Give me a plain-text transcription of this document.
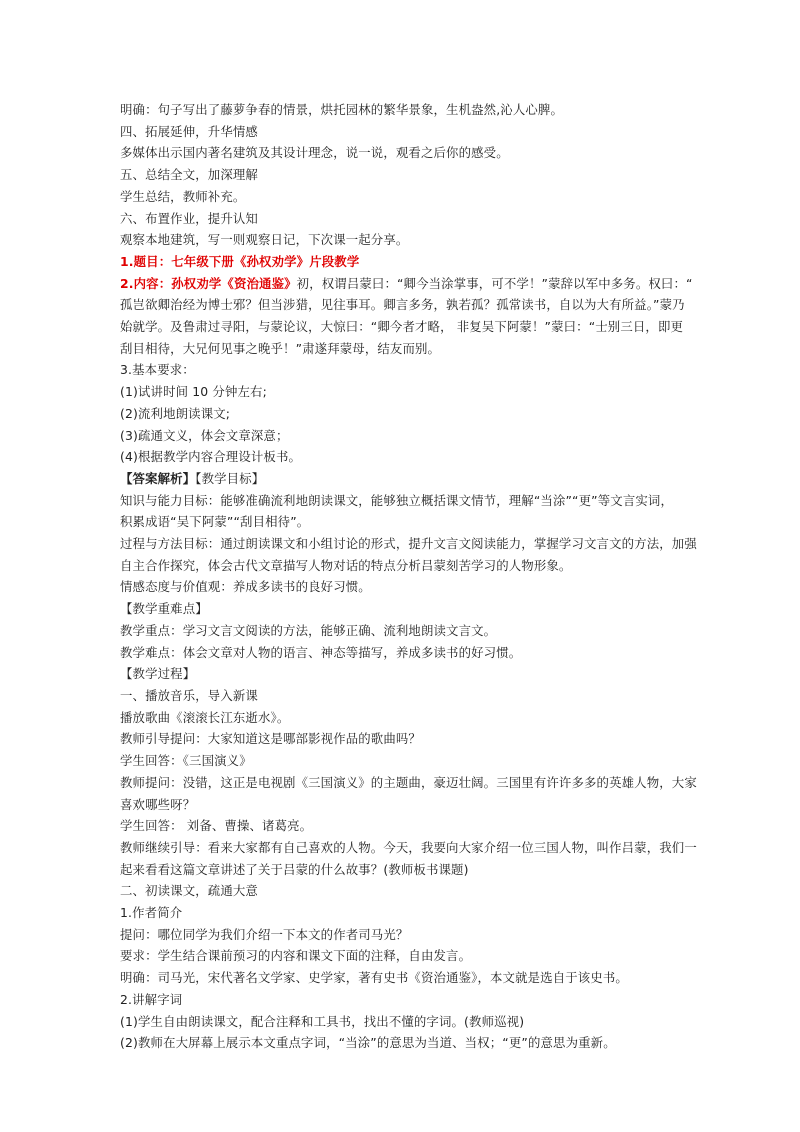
明确：句子写出了藤萝争春的情景，烘托园林的繁华景象，生机盎然,沁人心脾。
四、拓展延伸，升华情感
多媒体出示国内著名建筑及其设计理念，说一说，观看之后你的感受。
五、总结全文，加深理解
学生总结，教师补充。
六、布置作业，提升认知
观察本地建筑，写一则观察日记，下次课一起分享。
1.题目：七年级下册《孙权劝学》片段教学
2.内容：孙权劝学《资治通鉴》初，权谓吕蒙曰：“卿今当涂掌事，可不学！”蒙辞以军中多务。权曰：“
孤岂欲卿治经为博士邪？但当涉猎，见往事耳。卿言多务，孰若孤？孤常读书，自以为大有所益。”蒙乃
始就学。及鲁肃过寻阳，与蒙论议，大惊曰：“卿今者才略， 非复吴下阿蒙！”蒙曰：“士别三日，即更
刮目相待，大兄何见事之晚乎！”肃遂拜蒙母，结友而别。
3.基本要求：
(1)试讲时间 10 分钟左右;
(2)流利地朗读课文;
(3)疏通文义，体会文章深意；
(4)根据教学内容合理设计板书。
【答案解析】【教学目标】
知识与能力目标：能够准确流利地朗读课文，能够独立概括课文情节，理解“当涂”“更”等文言实词，
积累成语“吴下阿蒙”“刮目相待”。
过程与方法目标：通过朗读课文和小组讨论的形式，提升文言文阅读能力，掌握学习文言文的方法，加强
自主合作探究，体会古代文章描写人物对话的特点分析吕蒙刻苦学习的人物形象。
情感态度与价值观：养成多读书的良好习惯。
【教学重难点】
教学重点：学习文言文阅读的方法，能够正确、流利地朗读文言文。
教学难点：体会文章对人物的语言、神态等描写，养成多读书的好习惯。
【教学过程】
一、播放音乐，导入新课
播放歌曲《滚滚长江东逝水》。
教师引导提问：大家知道这是哪部影视作品的歌曲吗？
学生回答：《三国演义》
教师提问：没错，这正是电视剧《三国演义》的主题曲，豪迈壮阔。三国里有许许多多的英雄人物，大家
喜欢哪些呀？
学生回答： 刘备、曹操、诸葛亮。
教师继续引导：看来大家都有自己喜欢的人物。今天，我要向大家介绍一位三国人物，叫作吕蒙，我们一
起来看看这篇文章讲述了关于吕蒙的什么故事？(教师板书课题)
二、初读课文，疏通大意
1.作者简介
提问：哪位同学为我们介绍一下本文的作者司马光？
要求：学生结合课前预习的内容和课文下面的注释，自由发言。
明确：司马光，宋代著名文学家、史学家，著有史书《资治通鉴》，本文就是选自于该史书。
2.讲解字词
(1)学生自由朗读课文，配合注释和工具书，找出不懂的字词。(教师巡视)
(2)教师在大屏幕上展示本文重点字词，“当涂”的意思为当道、当权；“更”的意思为重新。
